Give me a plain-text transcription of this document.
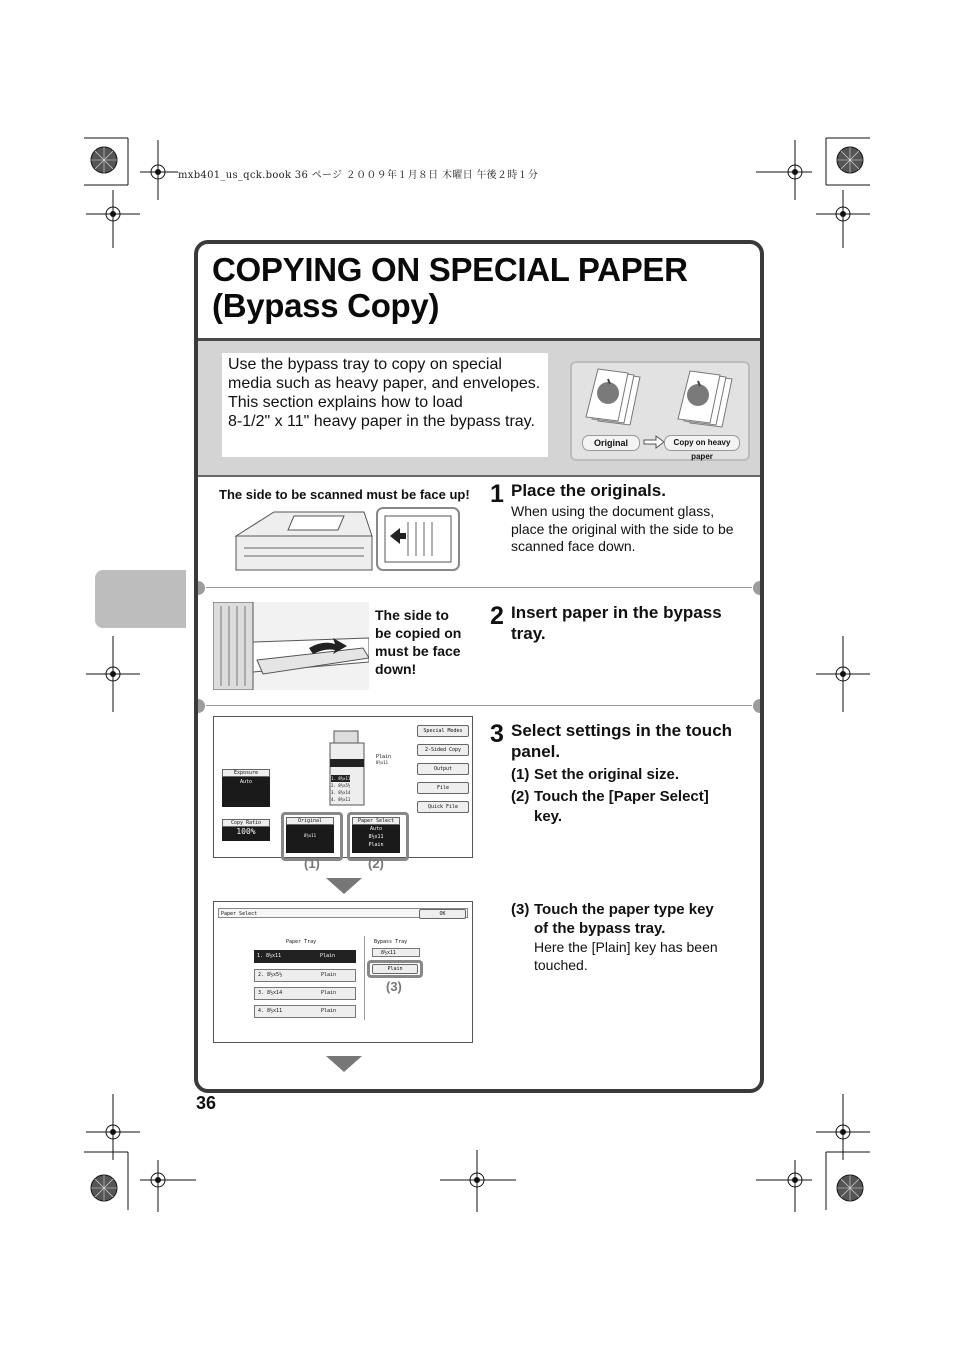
mxb401_us_qck.book 36 ページ ２００９年１月８日 木曜日 午後２時１分
COPYING ON SPECIAL PAPER
(Bypass Copy)
Use the bypass tray to copy on special
media such as heavy paper, and envelopes.
This section explains how to load
8-1/2" x 11" heavy paper in the bypass tray.
Original	Copy on heavy paper
The side to be scanned must be face up! 1 Place the originals.
When using the document glass,
place the original with the side to be
scanned face down.
The side to
be copied on
must be face
down!
2 Insert paper in the bypass
tray.
3 Select settings in the touch
panel.
(1) Set the original size.
(2) Touch the [Paper Select]
key.
(3) Touch the paper type key
of the bypass tray.
Here the [Plain] key has been
touched.
Plain
8½x11
1. 8½x11
2. 8½x5½
3. 8½x14
4. 8½x11
Special Modes
2-Sided Copy
Output
File
Quick File
Exposure
Auto
Copy Ratio
100%
Original
8½x11
Paper Select
Auto
8½x11
Plain
(1)	(2)
Paper Select	OK
Paper Tray	Bypass Tray
1. 8½x11	Plain
2. 8½x5½	Plain
3. 8½x14	Plain
4. 8½x11	Plain
8½x11
Plain
(3)
36
